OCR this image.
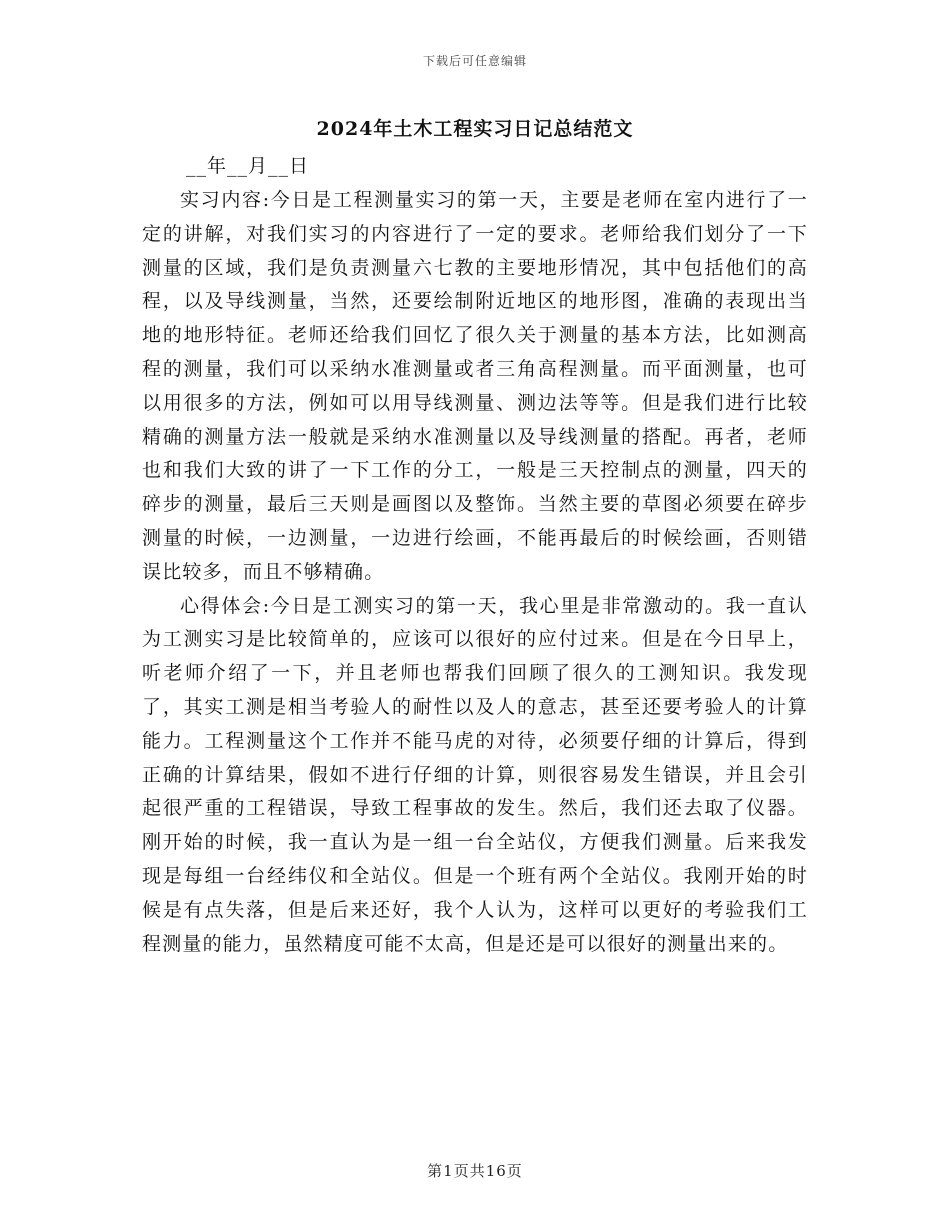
下载后可任意编辑
2024年土木工程实习日记总结范文
__年__月__日

实习内容:今日是工程测量实习的第一天，主要是老师在室内进行了一定的讲解，对我们实习的内容进行了一定的要求。老师给我们划分了一下测量的区域，我们是负责测量六七教的主要地形情况，其中包括他们的高程，以及导线测量，当然，还要绘制附近地区的地形图，准确的表现出当地的地形特征。老师还给我们回忆了很久关于测量的基本方法，比如测高程的测量，我们可以采纳水准测量或者三角高程测量。而平面测量，也可以用很多的方法，例如可以用导线测量、测边法等等。但是我们进行比较精确的测量方法一般就是采纳水准测量以及导线测量的搭配。再者，老师也和我们大致的讲了一下工作的分工，一般是三天控制点的测量，四天的碎步的测量，最后三天则是画图以及整饰。当然主要的草图必须要在碎步测量的时候，一边测量，一边进行绘画，不能再最后的时候绘画，否则错误比较多，而且不够精确。

心得体会:今日是工测实习的第一天，我心里是非常激动的。我一直认为工测实习是比较简单的，应该可以很好的应付过来。但是在今日早上，听老师介绍了一下，并且老师也帮我们回顾了很久的工测知识。我发现了，其实工测是相当考验人的耐性以及人的意志，甚至还要考验人的计算能力。工程测量这个工作并不能马虎的对待，必须要仔细的计算后，得到正确的计算结果，假如不进行仔细的计算，则很容易发生错误，并且会引起很严重的工程错误，导致工程事故的发生。然后，我们还去取了仪器。刚开始的时候，我一直认为是一组一台全站仪，方便我们测量。后来我发现是每组一台经纬仪和全站仪。但是一个班有两个全站仪。我刚开始的时候是有点失落，但是后来还好，我个人认为，这样可以更好的考验我们工程测量的能力，虽然精度可能不太高，但是还是可以很好的测量出来的。

第1页共16页
